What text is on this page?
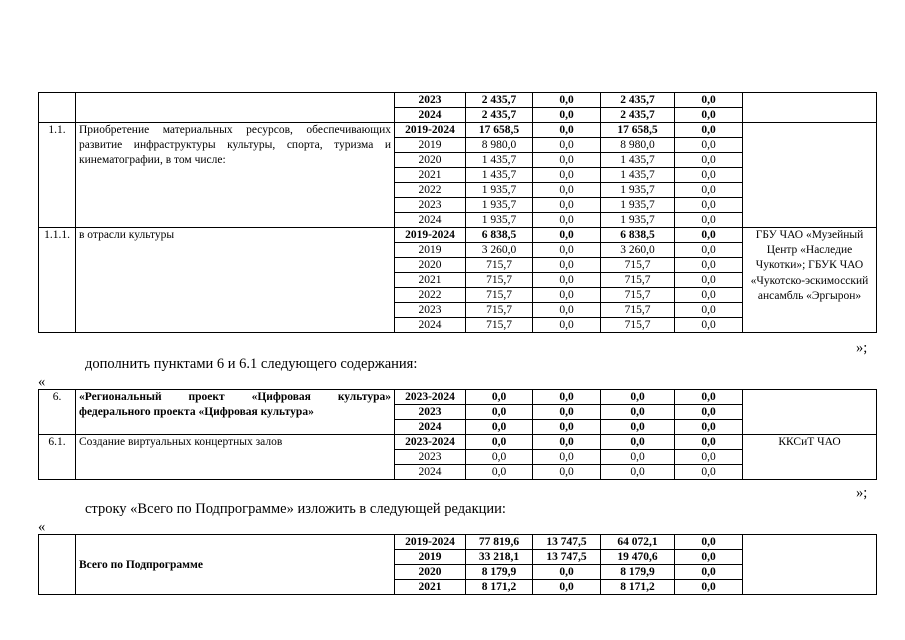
		2023	2 435,7	0,0	2 435,7	0,0	
		2024	2 435,7	0,0	2 435,7	0,0	
1.1.	Приобретение материальных ресурсов, обеспечивающих развитие инфраструктуры культуры, спорта, туризма и кинематографии, в том числе:	2019-2024	17 658,5	0,0	17 658,5	0,0	
		2019	8 980,0	0,0	8 980,0	0,0	
		2020	1 435,7	0,0	1 435,7	0,0	
		2021	1 435,7	0,0	1 435,7	0,0	
		2022	1 935,7	0,0	1 935,7	0,0	
		2023	1 935,7	0,0	1 935,7	0,0	
		2024	1 935,7	0,0	1 935,7	0,0	
1.1.1.	в отрасли культуры	2019-2024	6 838,5	0,0	6 838,5	0,0	ГБУ ЧАО «Музейный Центр «Наследие Чукотки»; ГБУК ЧАО «Чукотско-эскимосский ансамбль «Эргырон»
		2019	3 260,0	0,0	3 260,0	0,0	
		2020	715,7	0,0	715,7	0,0	
		2021	715,7	0,0	715,7	0,0	
		2022	715,7	0,0	715,7	0,0	
		2023	715,7	0,0	715,7	0,0	
		2024	715,7	0,0	715,7	0,0	
»;
дополнить пунктами 6 и 6.1 следующего содержания:
«
6.	«Региональный проект «Цифровая культура» федерального проекта «Цифровая культура»	2023-2024	0,0	0,0	0,0	0,0	
		2023	0,0	0,0	0,0	0,0	
		2024	0,0	0,0	0,0	0,0	
6.1.	Создание виртуальных концертных залов	2023-2024	0,0	0,0	0,0	0,0	ККСиТ ЧАО
		2023	0,0	0,0	0,0	0,0	
		2024	0,0	0,0	0,0	0,0	
»;
строку «Всего по Подпрограмме» изложить в следующей редакции:
«
	Всего по Подпрограмме	2019-2024	77 819,6	13 747,5	64 072,1	0,0	
		2019	33 218,1	13 747,5	19 470,6	0,0	
		2020	8 179,9	0,0	8 179,9	0,0	
		2021	8 171,2	0,0	8 171,2	0,0	
